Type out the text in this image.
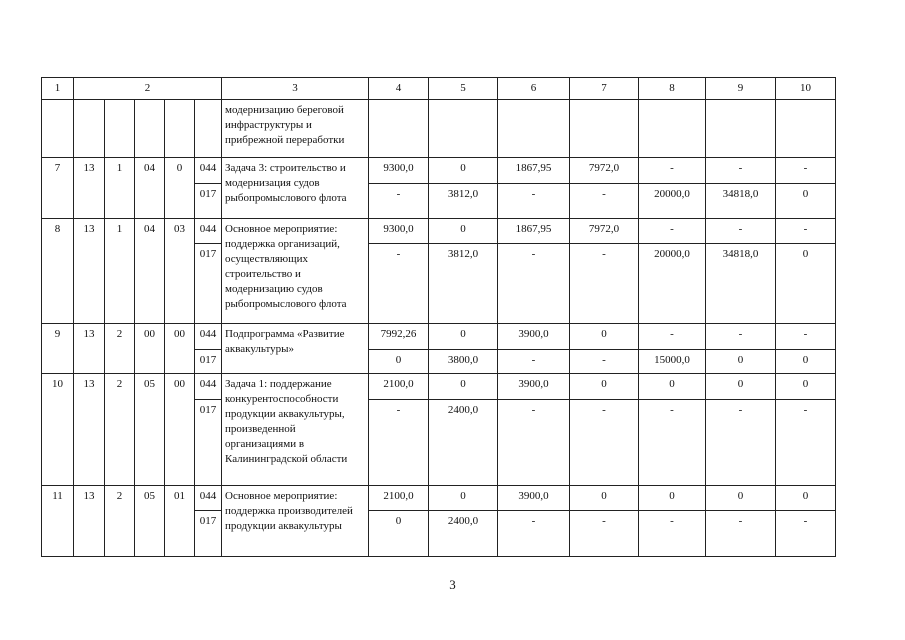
1	2					3	4	5	6	7	8	9	10
						модернизацию береговой инфраструктуры и прибрежной переработки							
7	13	1	04	0	044	Задача 3: строительство и модернизация судов рыбопромыслового флота	9300,0	0	1867,95	7972,0	-	-	-
					017		-	3812,0	-	-	20000,0	34818,0	0
8	13	1	04	03	044	Основное мероприятие: поддержка организаций, осуществляющих строительство и модернизацию судов рыбопромыслового флота	9300,0	0	1867,95	7972,0	-	-	-
					017		-	3812,0	-	-	20000,0	34818,0	0
9	13	2	00	00	044	Подпрограмма «Развитие аквакультуры»	7992,26	0	3900,0	0	-	-	-
					017		0	3800,0	-	-	15000,0	0	0
10	13	2	05	00	044	Задача 1: поддержание конкурентоспособности продукции аквакультуры, произведенной организациями в Калининградской области	2100,0	0	3900,0	0	0	0	0
					017		-	2400,0	-	-	-	-	-
11	13	2	05	01	044	Основное мероприятие: поддержка производителей продукции аквакультуры	2100,0	0	3900,0	0	0	0	0
					017		0	2400,0	-	-	-	-	-
3
